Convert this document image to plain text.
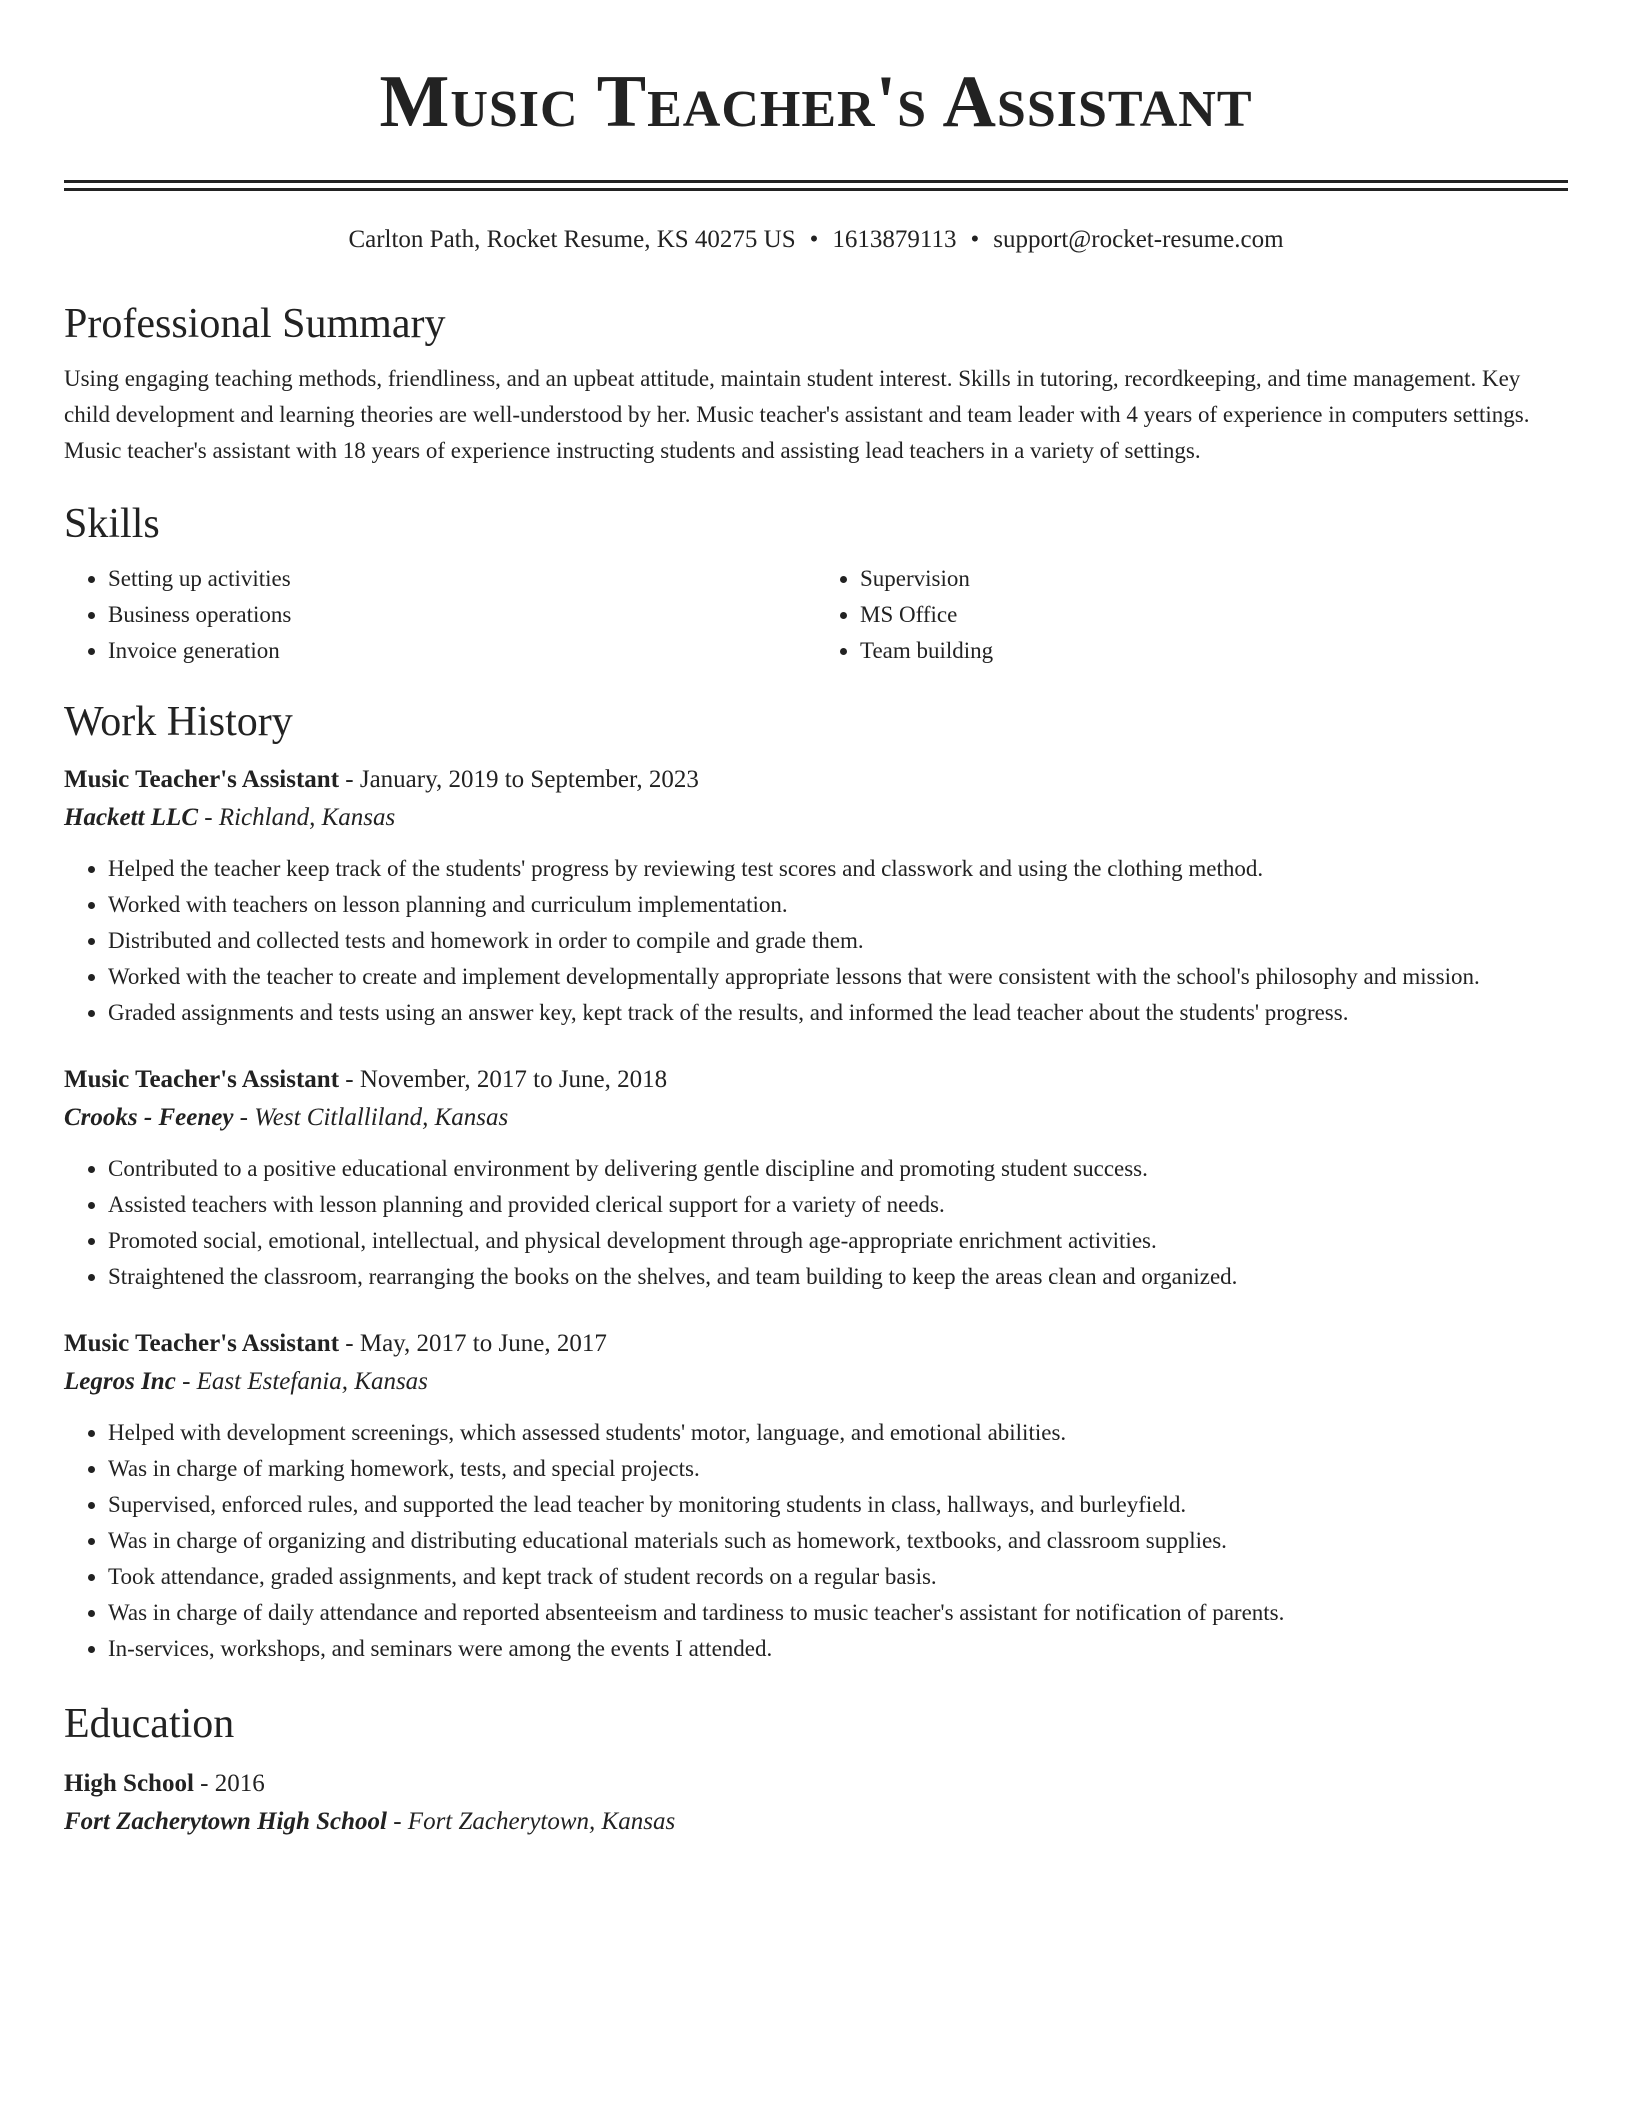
Music Teacher's Assistant
Carlton Path, Rocket Resume, KS 40275 US • 1613879113 • support@rocket-resume.com
Professional Summary
Using engaging teaching methods, friendliness, and an upbeat attitude, maintain student interest. Skills in tutoring, recordkeeping, and time management. Key child development and learning theories are well-understood by her. Music teacher's assistant and team leader with 4 years of experience in computers settings. Music teacher's assistant with 18 years of experience instructing students and assisting lead teachers in a variety of settings.
Skills
• Setting up activities
• Business operations
• Invoice generation
• Supervision
• MS Office
• Team building
Work History
Music Teacher's Assistant - January, 2019 to September, 2023
Hackett LLC - Richland, Kansas
• Helped the teacher keep track of the students' progress by reviewing test scores and classwork and using the clothing method.
• Worked with teachers on lesson planning and curriculum implementation.
• Distributed and collected tests and homework in order to compile and grade them.
• Worked with the teacher to create and implement developmentally appropriate lessons that were consistent with the school's philosophy and mission.
• Graded assignments and tests using an answer key, kept track of the results, and informed the lead teacher about the students' progress.
Music Teacher's Assistant - November, 2017 to June, 2018
Crooks - Feeney - West Citlalliland, Kansas
• Contributed to a positive educational environment by delivering gentle discipline and promoting student success.
• Assisted teachers with lesson planning and provided clerical support for a variety of needs.
• Promoted social, emotional, intellectual, and physical development through age-appropriate enrichment activities.
• Straightened the classroom, rearranging the books on the shelves, and team building to keep the areas clean and organized.
Music Teacher's Assistant - May, 2017 to June, 2017
Legros Inc - East Estefania, Kansas
• Helped with development screenings, which assessed students' motor, language, and emotional abilities.
• Was in charge of marking homework, tests, and special projects.
• Supervised, enforced rules, and supported the lead teacher by monitoring students in class, hallways, and burleyfield.
• Was in charge of organizing and distributing educational materials such as homework, textbooks, and classroom supplies.
• Took attendance, graded assignments, and kept track of student records on a regular basis.
• Was in charge of daily attendance and reported absenteeism and tardiness to music teacher's assistant for notification of parents.
• In-services, workshops, and seminars were among the events I attended.
Education
High School - 2016
Fort Zacherytown High School - Fort Zacherytown, Kansas
